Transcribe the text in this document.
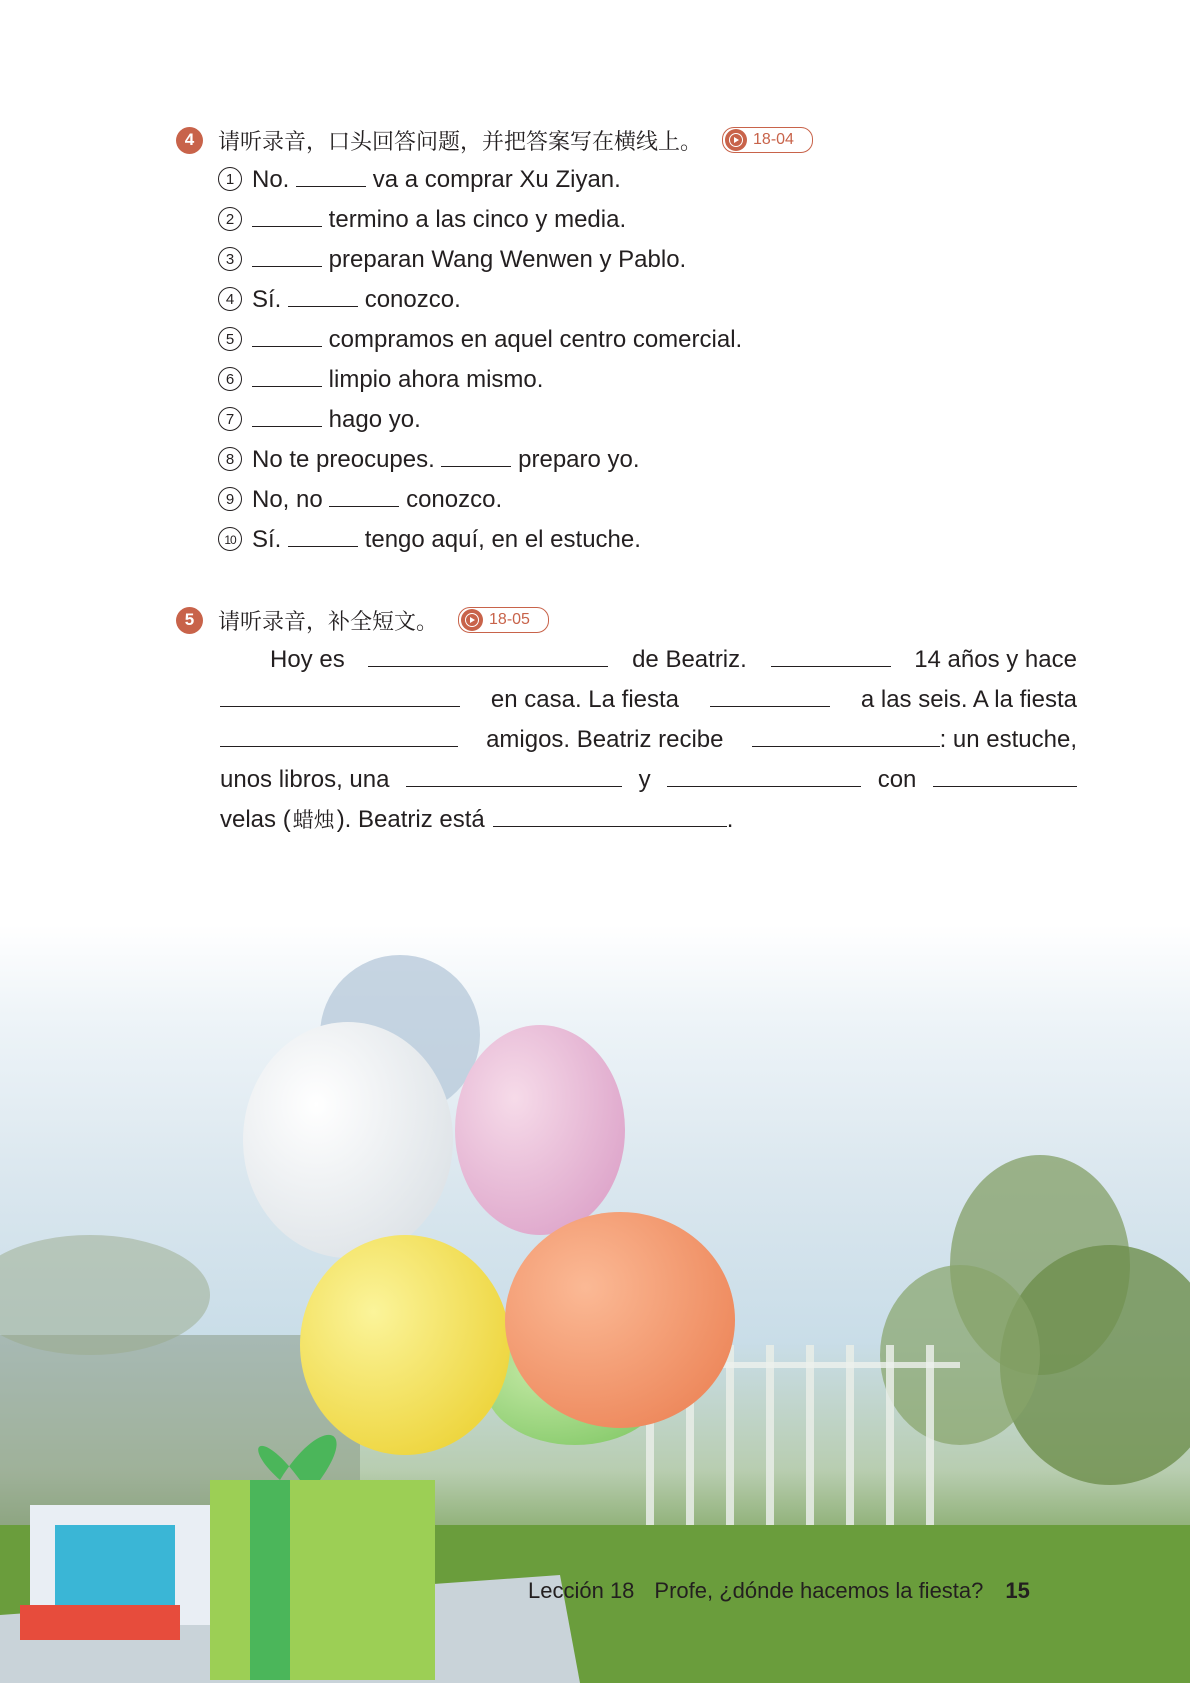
4	请听录音，口头回答问题，并把答案写在横线上。	18-04
1 No.	va a comprar Xu Ziyan.
2	termino a las cinco y media.
3	preparan Wang Wenwen y Pablo.
4 Sí.	conozco.
5	compramos en aquel centro comercial.
6	limpio ahora mismo.
7	hago yo.
8 No te preocupes.	preparo yo.
9 No, no	conozco.
10 Sí.	tengo aquí, en el estuche.
5	请听录音，补全短文。	18-05
Hoy es	de Beatriz.	14 años y hace
en casa. La fiesta	a las seis. A la fiesta
amigos. Beatriz recibe	: un estuche,
unos libros, una	y	con
velas ( 蜡烛 ). Beatriz está	.
Lección 18 Profe, ¿dónde hacemos la fiesta? 15
